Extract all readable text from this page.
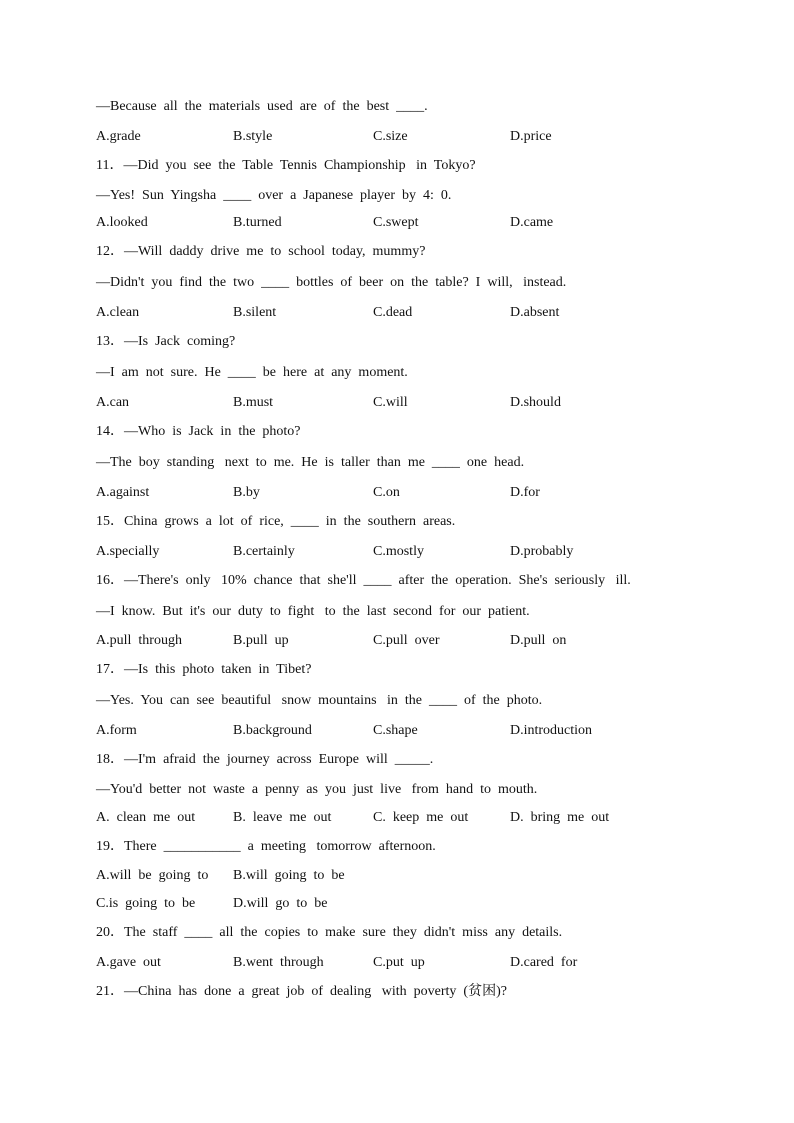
—Because  all  the  materials  used  are  of  the  best  ____.
A.grade	B.style	C.size	D.price
11．—Did  you  see  the  Table  Tennis  Championship   in  Tokyo?
—Yes!  Sun  Yingsha  ____  over  a  Japanese  player  by  4:  0.
A.looked	B.turned	C.swept	D.came
12．—Will  daddy  drive  me  to  school  today,  mummy?
—Didn't  you  find  the  two  ____  bottles  of  beer  on  the  table?  I  will,   instead.
A.clean	B.silent	C.dead	D.absent
13．—Is  Jack  coming?
—I  am  not  sure.  He  ____  be  here  at  any  moment.
A.can	B.must	C.will	D.should
14．—Who  is  Jack  in  the  photo?
—The  boy  standing   next  to  me.  He  is  taller  than  me  ____  one  head.
A.against	B.by	C.on	D.for
15．China  grows  a  lot  of  rice,  ____  in  the  southern  areas.
A.specially	B.certainly	C.mostly	D.probably
16．—There's  only   10%  chance  that  she'll  ____  after  the  operation.  She's  seriously   ill.
—I  know.  But  it's  our  duty  to  fight   to  the  last  second  for  our  patient.
A.pull  through	B.pull  up	C.pull  over	D.pull  on
17．—Is  this  photo  taken  in  Tibet?
—Yes.  You  can  see  beautiful   snow  mountains   in  the  ____  of  the  photo.
A.form	B.background	C.shape	D.introduction
18．—I'm  afraid  the  journey  across  Europe  will  _____.
—You'd  better  not  waste  a  penny  as  you  just  live   from  hand  to  mouth.
A.  clean  me  out	B.  leave  me  out	C.  keep  me  out	D.  bring  me  out
19．There  ___________  a  meeting   tomorrow  afternoon.
A.will  be  going  to B.will  going  to  be
C.is  going  to  be	D.will  go  to  be
20．The  staff  ____  all  the  copies  to  make  sure  they  didn't  miss  any  details.
A.gave  out	B.went  through	C.put  up	D.cared  for
21．—China  has  done  a  great  job  of  dealing   with  poverty  (贫困)?
